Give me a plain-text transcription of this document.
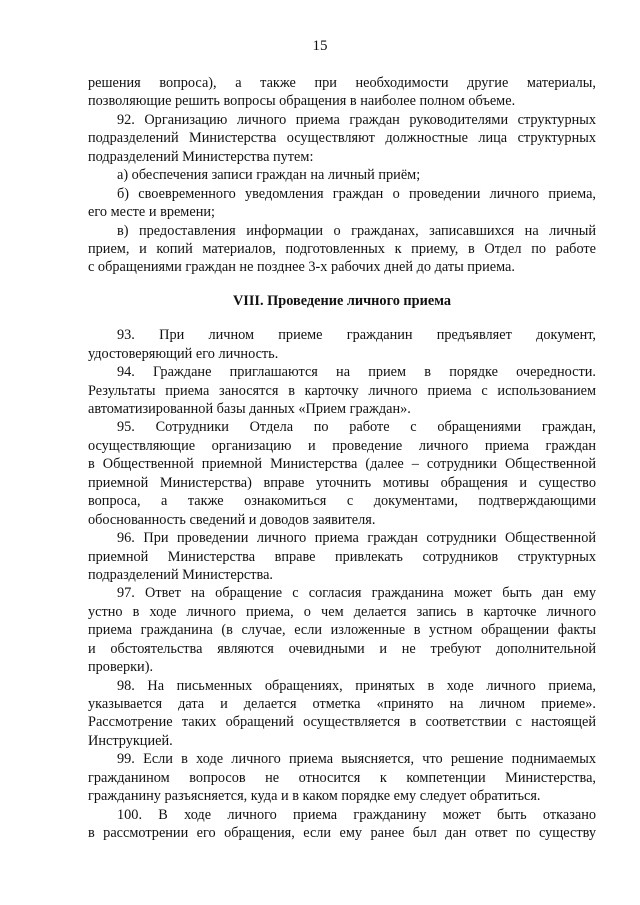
15
решения вопроса), а также при необходимости другие материалы,
позволяющие решить вопросы обращения в наиболее полном объеме.
92. Организацию личного приема граждан руководителями структурных
подразделений Министерства осуществляют должностные лица структурных
подразделений Министерства путем:
а) обеспечения записи граждан на личный приём;
б) своевременного уведомления граждан о проведении личного приема,
его месте и времени;
в) предоставления информации о гражданах, записавшихся на личный
прием, и копий материалов, подготовленных к приему, в Отдел по работе
с обращениями граждан не позднее 3-х рабочих дней до даты приема.
VIII. Проведение личного приема
93. При личном приеме гражданин предъявляет документ,
удостоверяющий его личность.
94. Граждане приглашаются на прием в порядке очередности.
Результаты приема заносятся в карточку личного приема с использованием
автоматизированной базы данных «Прием граждан».
95. Сотрудники Отдела по работе с обращениями граждан,
осуществляющие организацию и проведение личного приема граждан
в Общественной приемной Министерства (далее – сотрудники Общественной
приемной Министерства) вправе уточнить мотивы обращения и существо
вопроса, а также ознакомиться с документами, подтверждающими
обоснованность сведений и доводов заявителя.
96. При проведении личного приема граждан сотрудники Общественной
приемной Министерства вправе привлекать сотрудников структурных
подразделений Министерства.
97. Ответ на обращение с согласия гражданина может быть дан ему
устно в ходе личного приема, о чем делается запись в карточке личного
приема гражданина (в случае, если изложенные в устном обращении факты
и обстоятельства являются очевидными и не требуют дополнительной
проверки).
98. На письменных обращениях, принятых в ходе личного приема,
указывается дата и делается отметка «принято на личном приеме».
Рассмотрение таких обращений осуществляется в соответствии с настоящей
Инструкцией.
99. Если в ходе личного приема выясняется, что решение поднимаемых
гражданином вопросов не относится к компетенции Министерства,
гражданину разъясняется, куда и в каком порядке ему следует обратиться.
100. В ходе личного приема гражданину может быть отказано
в рассмотрении его обращения, если ему ранее был дан ответ по существу
